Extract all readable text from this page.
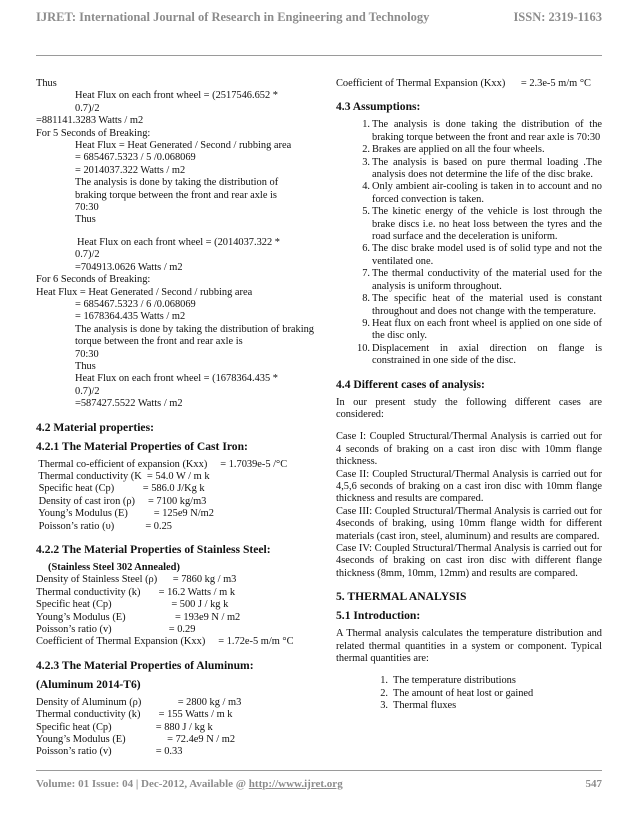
IJRET: International Journal of Research in Engineering and Technology	ISSN: 2319-1163

Thus

Heat Flux on each front wheel = (2517546.652 *

0.7)/2

=881141.3283 Watts / m2

For 5 Seconds of Breaking:

Heat Flux = Heat Generated / Second / rubbing area

= 685467.5323 / 5 /0.068069

= 2014037.322 Watts / m2

The analysis is done by taking the distribution of

braking torque between the front and rear axle is

70:30

Thus

Heat Flux on each front wheel = (2014037.322 *

0.7)/2

=704913.0626 Watts / m2

For 6 Seconds of Breaking:

Heat Flux = Heat Generated / Second / rubbing area

= 685467.5323 / 6 /0.068069

= 1678364.435 Watts / m2

The analysis is done by taking the distribution of braking torque between the front and rear axle is

70:30

Thus

Heat Flux on each front wheel = (1678364.435 *

0.7)/2

=587427.5522 Watts / m2

4.2 Material properties:

4.2.1 The Material Properties of Cast Iron:

Thermal co-efficient of expansion (Kxx)     = 1.7039e-5 /°C

Thermal conductivity (K  = 54.0 W / m k

Specific heat (Cp)           = 586.0 J/Kg k

Density of cast iron (ρ)     = 7100 kg/m3

Young’s Modulus (E)          = 125e9 N/m2

Poisson’s ratio (υ)            = 0.25

4.2.2 The Material Properties of Stainless Steel:

(Stainless Steel 302 Annealed)

Density of Stainless Steel (ρ)      = 7860 kg / m3

Thermal conductivity (k)       = 16.2 Watts / m k

Specific heat (Cp)                       = 500 J / kg k

Young’s Modulus (E)                   = 193e9 N / m2

Poisson’s ratio (v)                      = 0.29

Coefficient of Thermal Expansion (Kxx)     = 1.72e-5 m/m °C

4.2.3 The Material Properties of Aluminum:

(Aluminum 2014-T6)

Density of Aluminum (ρ)              = 2800 kg / m3

Thermal conductivity (k)       = 155 Watts / m k

Specific heat (Cp)                 = 880 J / kg k

Young’s Modulus (E)                = 72.4e9 N / m2

Poisson’s ratio (v)                 = 0.33

Coefficient of Thermal Expansion (Kxx)      = 2.3e-5 m/m °C

4.3 Assumptions:

1. The analysis is done taking the distribution of the braking torque between the front and rear axle is 70:30
2. Brakes are applied on all the four wheels.
3. The analysis is based on pure thermal loading .The analysis does not determine the life of the disc brake.
4. Only ambient air-cooling is taken in to account and no forced convection is taken.
5. The kinetic energy of the vehicle is lost through the brake discs i.e. no heat loss between the tyres and the road surface and the deceleration is uniform.
6. The disc brake model used is of solid type and not the ventilated one.
7. The thermal conductivity of the material used for the analysis is uniform throughout.
8. The specific heat of the material used is constant throughout and does not change with the temperature.
9. Heat flux on each front wheel is applied on one side of the disc only.
10. Displacement in axial direction on flange is constrained in one side of the disc.

4.4 Different cases of analysis:

In our present study the following different cases are considered:

Case I: Coupled Structural/Thermal Analysis is carried out for 4 seconds of braking on a cast iron disc with 10mm flange thickness.

Case II: Coupled Structural/Thermal Analysis is carried out for 4,5,6 seconds of braking on a cast iron disc with 10mm flange thickness and results are compared.

Case III: Coupled Structural/Thermal Analysis is carried out for 4seconds of braking, using 10mm flange width for different materials (cast iron, steel, aluminum) and results are compared.

Case IV: Coupled Structural/Thermal Analysis is carried out for 4seconds of braking on cast iron disc with different flange thickness (8mm, 10mm, 12mm) and results are compared.

5. THERMAL ANALYSIS

5.1 Introduction:

A Thermal analysis calculates the temperature distribution and related thermal quantities in a system or component. Typical thermal quantities are:

1. The temperature distributions
2. The amount of heat lost or gained
3. Thermal fluxes
Volume: 01 Issue: 04 | Dec-2012, Available @ http://www.ijret.org	547
